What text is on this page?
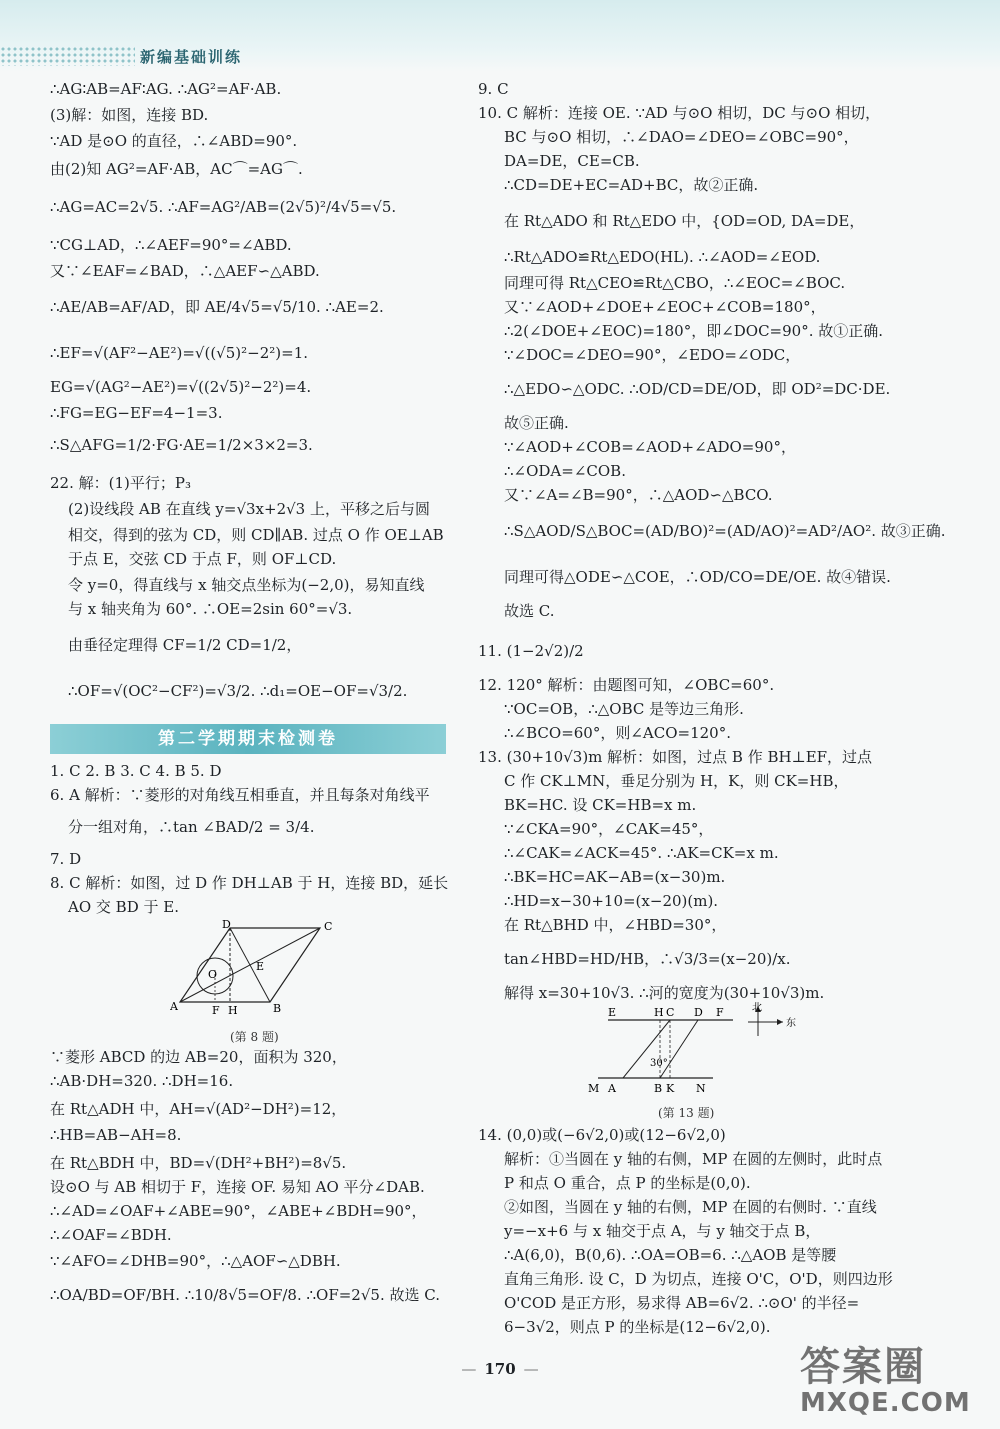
新编基础训练
∴AG∶AB=AF∶AG. ∴AG²=AF·AB.
(3)解：如图，连接 BD.
∵AD 是⊙O 的直径，∴∠ABD=90°.
由(2)知 AG²=AF·AB，AC⌒=AG⌒.
∴AG=AC=2√5. ∴AF=AG²/AB=(2√5)²/4√5=√5.
∵CG⊥AD，∴∠AEF=90°=∠ABD.
又∵∠EAF=∠BAD，∴△AEF∽△ABD.
∴AE/AB=AF/AD，即 AE/4√5=√5/10. ∴AE=2.
∴EF=√(AF²−AE²)=√((√5)²−2²)=1.
EG=√(AG²−AE²)=√((2√5)²−2²)=4.
∴FG=EG−EF=4−1=3.
∴S△AFG=1/2·FG·AE=1/2×3×2=3.
22. 解：(1)平行；P₃
(2)设线段 AB 在直线 y=√3x+2√3 上，平移之后与圆
相交，得到的弦为 CD，则 CD∥AB. 过点 O 作 OE⊥AB
于点 E，交弦 CD 于点 F，则 OF⊥CD.
令 y=0，得直线与 x 轴交点坐标为(−2,0)，易知直线
与 x 轴夹角为 60°. ∴OE=2sin 60°=√3.
由垂径定理得 CF=1/2 CD=1/2，
∴OF=√(OC²−CF²)=√3/2. ∴d₁=OE−OF=√3/2.
第二学期期末检测卷
1. C 2. B 3. C 4. B 5. D
6. A 解析：∵菱形的对角线互相垂直，并且每条对角线平
分一组对角，∴tan ∠BAD/2 = 3/4.
7. D
8. C 解析：如图，过 D 作 DH⊥AB 于 H，连接 BD，延长
AO 交 BD 于 E.
A	B
C
D
E
F H
O
(第 8 题)
∵菱形 ABCD 的边 AB=20，面积为 320，
∴AB·DH=320. ∴DH=16.
在 Rt△ADH 中，AH=√(AD²−DH²)=12，
∴HB=AB−AH=8.
在 Rt△BDH 中，BD=√(DH²+BH²)=8√5.
设⊙O 与 AB 相切于 F，连接 OF. 易知 AO 平分∠DAB.
∴∠AD=∠OAF+∠ABE=90°，∠ABE+∠BDH=90°，
∴∠OAF=∠BDH.
∵∠AFO=∠DHB=90°，∴△AOF∽△DBH.
∴OA/BD=OF/BH. ∴10/8√5=OF/8. ∴OF=2√5. 故选 C.
9. C
10. C 解析：连接 OE. ∵AD 与⊙O 相切，DC 与⊙O 相切，
BC 与⊙O 相切，∴∠DAO=∠DEO=∠OBC=90°，
DA=DE，CE=CB.
∴CD=DE+EC=AD+BC，故②正确.
在 Rt△ADO 和 Rt△EDO 中，{OD=OD, DA=DE，
∴Rt△ADO≌Rt△EDO(HL). ∴∠AOD=∠EOD.
同理可得 Rt△CEO≌Rt△CBO，∴∠EOC=∠BOC.
又∵∠AOD+∠DOE+∠EOC+∠COB=180°，
∴2(∠DOE+∠EOC)=180°，即∠DOC=90°. 故①正确.
∵∠DOC=∠DEO=90°，∠EDO=∠ODC，
∴△EDO∽△ODC. ∴OD/CD=DE/OD，即 OD²=DC·DE.
故⑤正确.
∵∠AOD+∠COB=∠AOD+∠ADO=90°，
∴∠ODA=∠COB.
又∵∠A=∠B=90°，∴△AOD∽△BCO.
∴S△AOD/S△BOC=(AD/BO)²=(AD/AO)²=AD²/AO². 故③正确.
同理可得△ODE∽△COE，∴OD/CO=DE/OE. 故④错误.
故选 C.
11. (1−2√2)/2
12. 120° 解析：由题图可知，∠OBC=60°.
∵OC=OB，∴△OBC 是等边三角形.
∴∠BCO=60°，则∠ACO=120°.
13. (30+10√3)m 解析：如图，过点 B 作 BH⊥EF，过点
C 作 CK⊥MN，垂足分别为 H，K，则 CK=HB，
BK=HC. 设 CK=HB=x m.
∵∠CKA=90°，∠CAK=45°，
∴∠CAK=∠ACK=45°. ∴AK=CK=x m.
∴BK=HC=AK−AB=(x−30)m.
∴HD=x−30+10=(x−20)(m).
在 Rt△BHD 中，∠HBD=30°，
tan∠HBD=HD/HB，∴√3/3=(x−20)/x.
解得 x=30+10√3. ∴河的宽度为(30+10√3)m.
E	H C D F
M A	B K N
30°
北
东
(第 13 题)
14. (0,0)或(−6√2,0)或(12−6√2,0)
解析：①当圆在 y 轴的右侧，MP 在圆的左侧时，此时点
P 和点 O 重合，点 P 的坐标是(0,0).
②如图，当圆在 y 轴的右侧，MP 在圆的右侧时. ∵直线
y=−x+6 与 x 轴交于点 A，与 y 轴交于点 B，
∴A(6,0)，B(0,6). ∴OA=OB=6. ∴△AOB 是等腰
直角三角形. 设 C，D 为切点，连接 O'C，O'D，则四边形
O'COD 是正方形，易求得 AB=6√2. ∴⊙O' 的半径=
6−3√2，则点 P 的坐标是(12−6√2,0).
— 170 —	答案圈
MXQE.COM
